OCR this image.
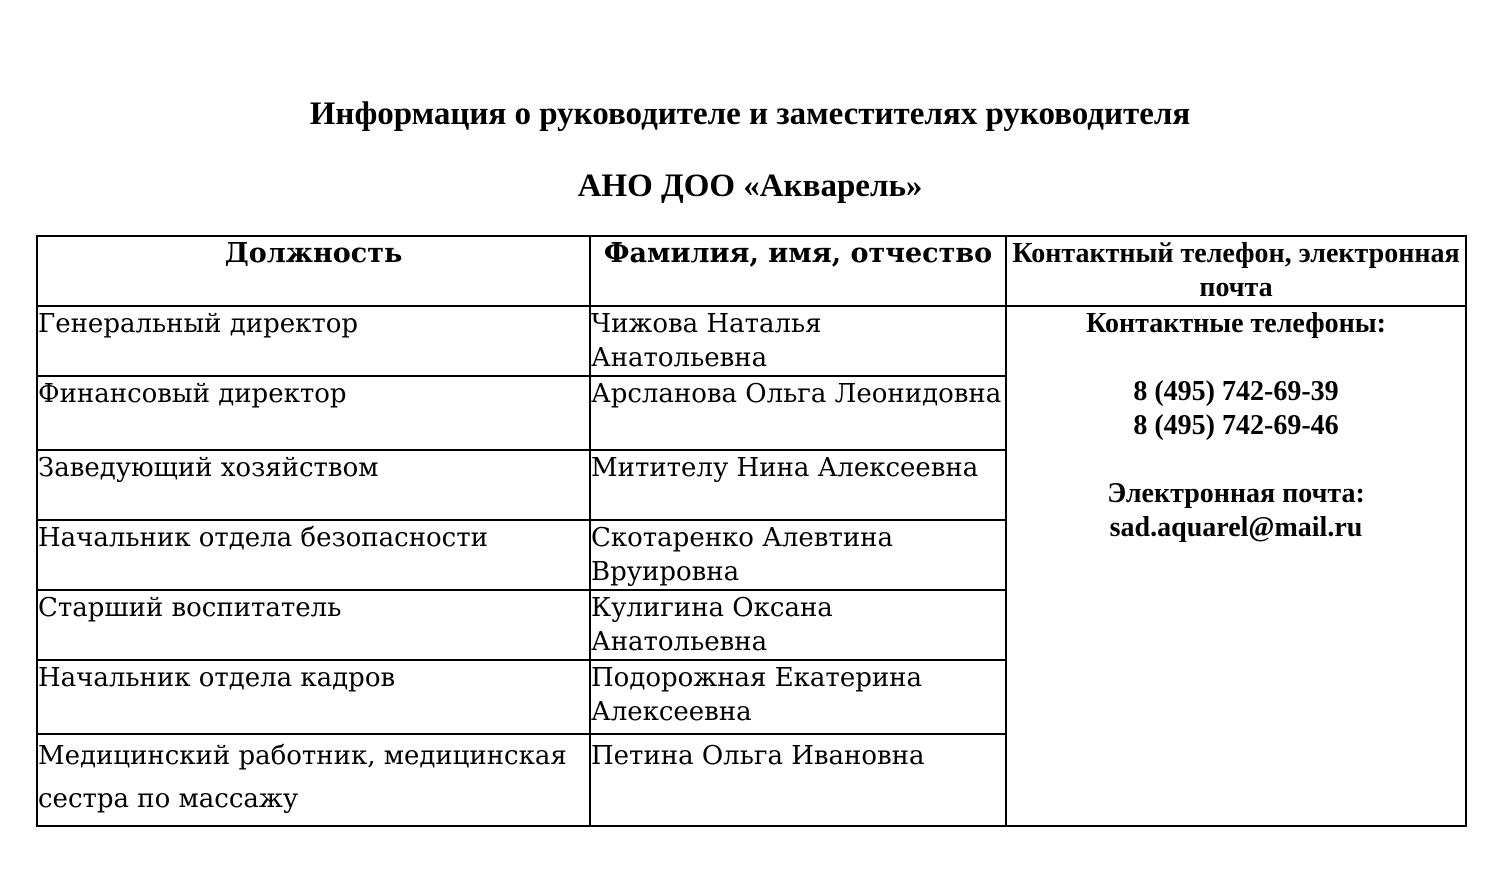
Информация о руководителе и заместителях руководителя
АНО ДОО «Акварель»
Должность	Фамилия, имя, отчество	Контактный телефон, электронная почта
Генеральный директор	Чижова Наталья Анатольевна	Контактные телефоны:
8 (495) 742-69-39
8 (495) 742-69-46
Электронная почта:
sad.aquarel@mail.ru

Финансовый директор	Арсланова Ольга Леонидовна	
Заведующий хозяйством	Митителу Нина Алексеевна	
Начальник отдела безопасности	Скотаренко Алевтина Вруировна	
Старший воспитатель	Кулигина Оксана Анатольевна	
Начальник отдела кадров	Подорожная Екатерина Алексеевна	
Медицинский работник, медицинская сестра по массажу	Петина Ольга Ивановна	
